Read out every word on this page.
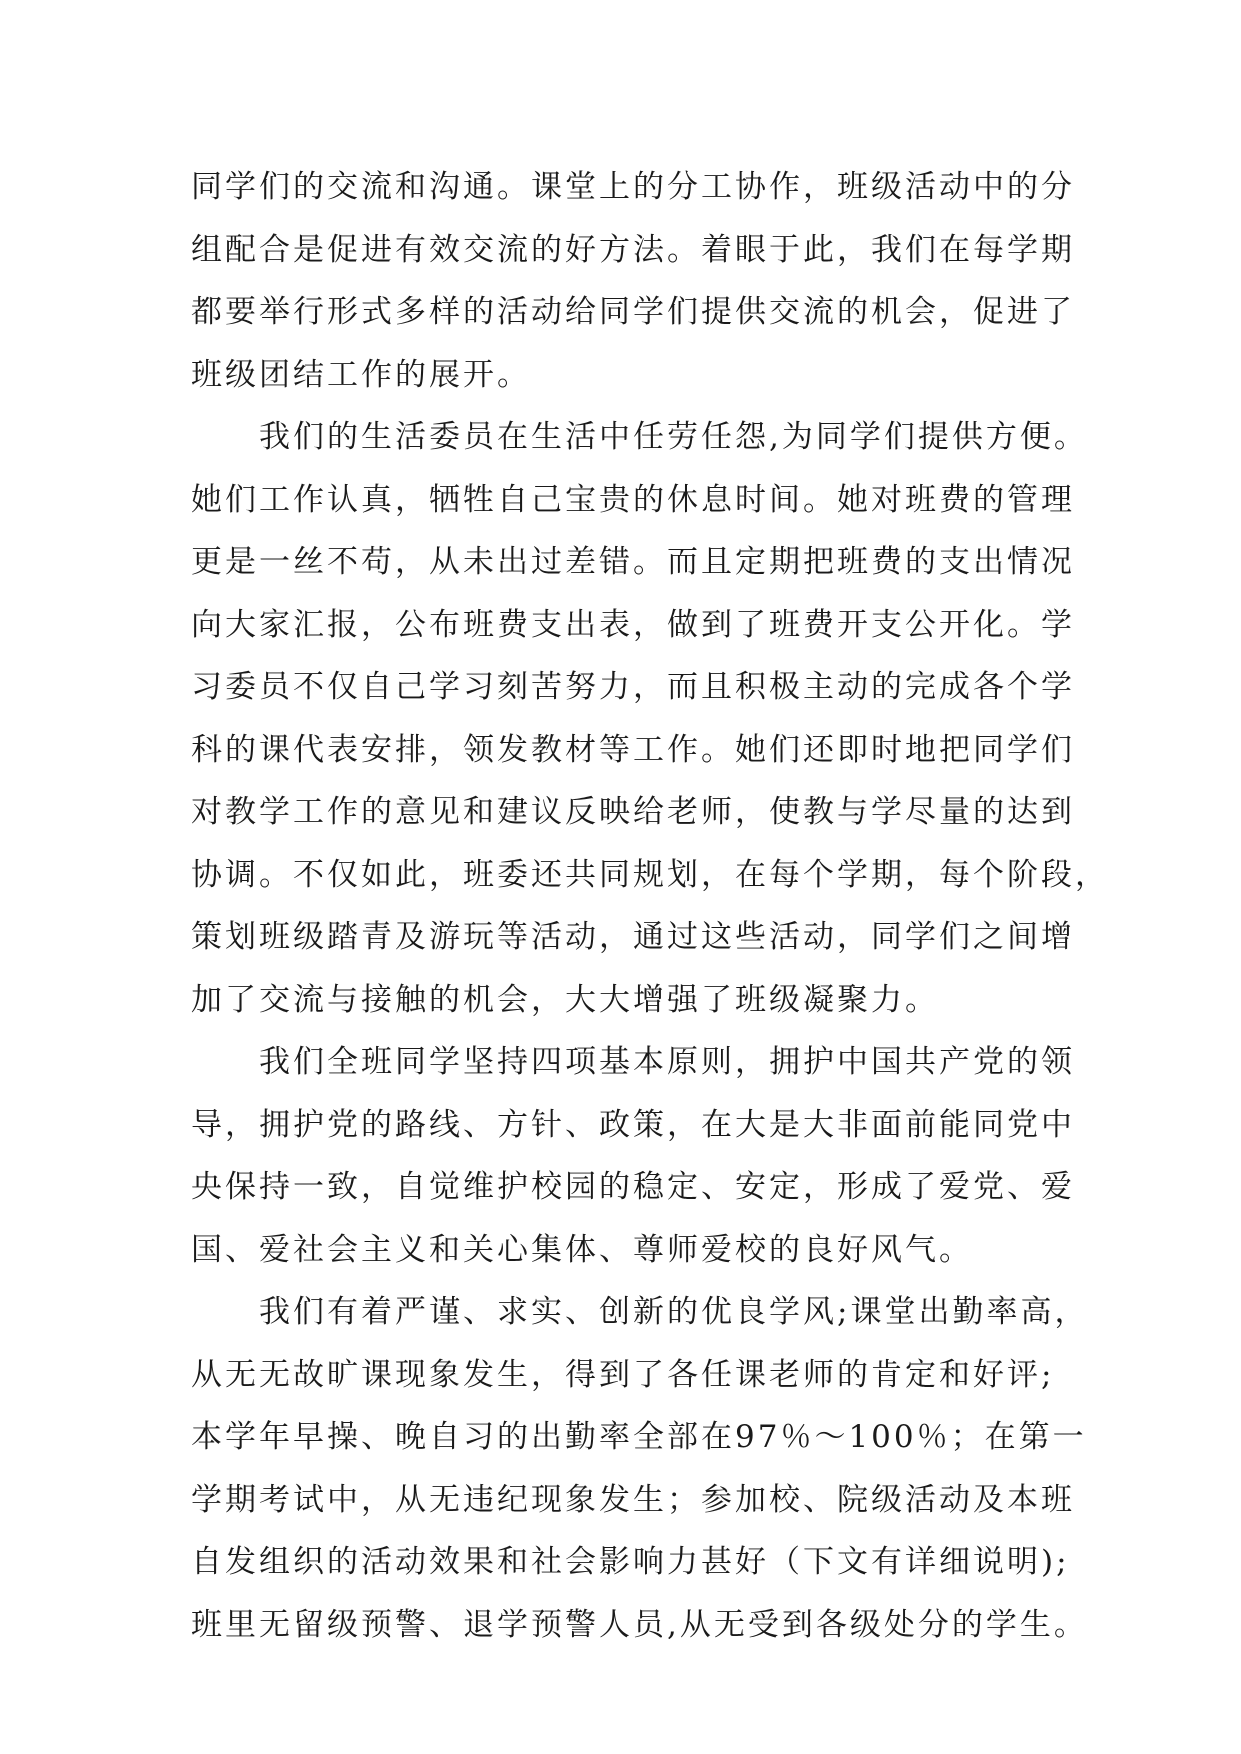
同学们的交流和沟通。课堂上的分工协作，班级活动中的分
组配合是促进有效交流的好方法。着眼于此，我们在每学期
都要举行形式多样的活动给同学们提供交流的机会，促进了
班级团结工作的展开。
我们的生活委员在生活中任劳任怨,为同学们提供方便。
她们工作认真，牺牲自己宝贵的休息时间。她对班费的管理
更是一丝不苟，从未出过差错。而且定期把班费的支出情况
向大家汇报，公布班费支出表，做到了班费开支公开化。学
习委员不仅自己学习刻苦努力，而且积极主动的完成各个学
科的课代表安排，领发教材等工作。她们还即时地把同学们
对教学工作的意见和建议反映给老师，使教与学尽量的达到
协调。不仅如此，班委还共同规划，在每个学期，每个阶段，
策划班级踏青及游玩等活动，通过这些活动，同学们之间增
加了交流与接触的机会，大大增强了班级凝聚力。
我们全班同学坚持四项基本原则，拥护中国共产党的领
导，拥护党的路线、方针、政策，在大是大非面前能同党中
央保持一致，自觉维护校园的稳定、安定，形成了爱党、爱
国、爱社会主义和关心集体、尊师爱校的良好风气。
我们有着严谨、求实、创新的优良学风;课堂出勤率高，
从无无故旷课现象发生，得到了各任课老师的肯定和好评;
本学年早操、晚自习的出勤率全部在97％～100％；在第一
学期考试中，从无违纪现象发生；参加校、院级活动及本班
自发组织的活动效果和社会影响力甚好（下文有详细说明);
班里无留级预警、退学预警人员,从无受到各级处分的学生。
